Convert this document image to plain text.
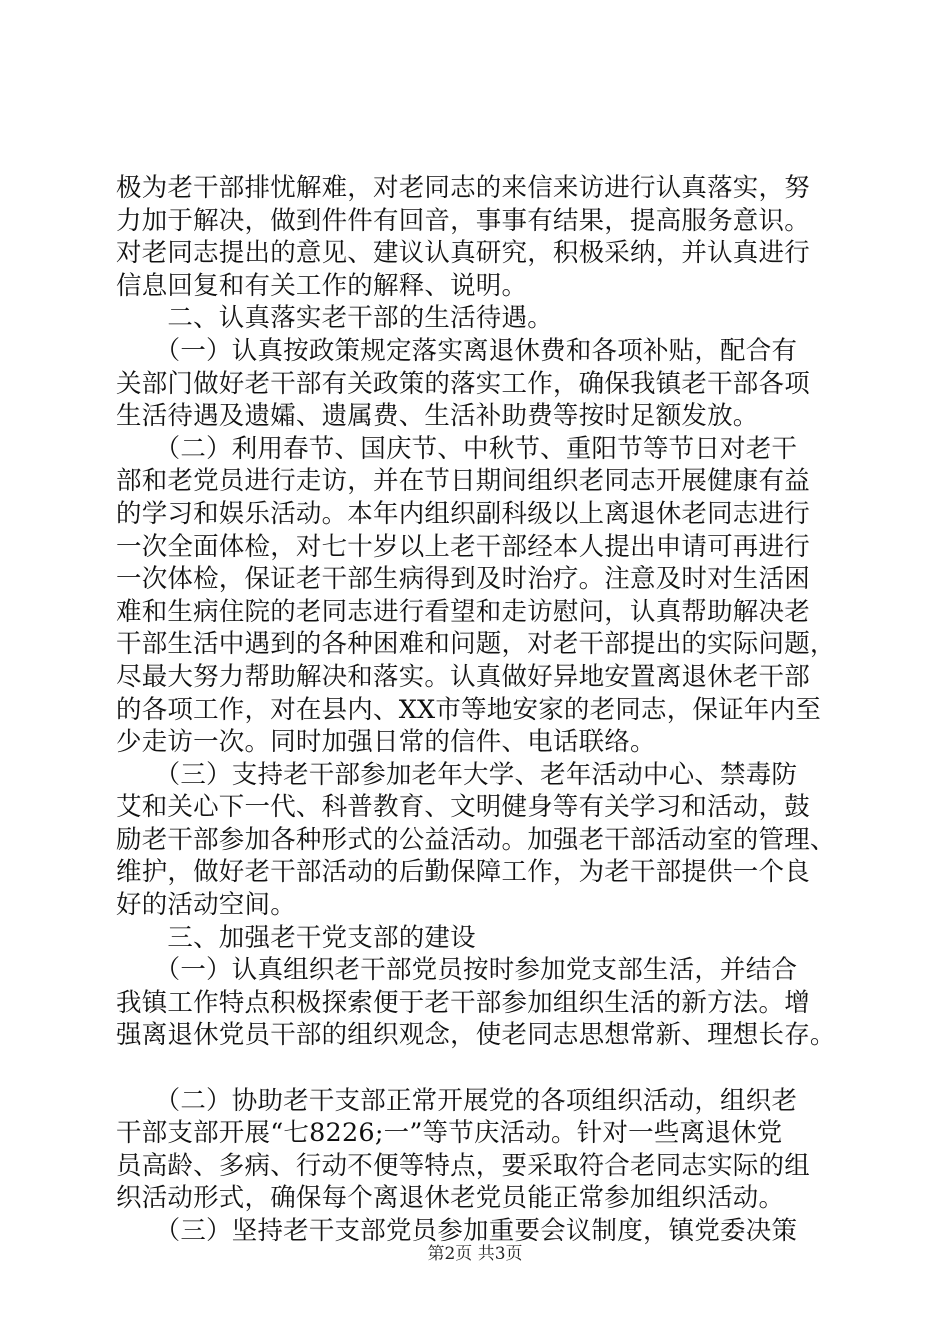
极为老干部排忧解难，对老同志的来信来访进行认真落实，努
力加于解决，做到件件有回音，事事有结果，提高服务意识。
对老同志提出的意见、建议认真研究，积极采纳，并认真进行
信息回复和有关工作的解释、说明。
　　二、认真落实老干部的生活待遇。
　　（一）认真按政策规定落实离退休费和各项补贴，配合有
关部门做好老干部有关政策的落实工作，确保我镇老干部各项
生活待遇及遗孀、遗属费、生活补助费等按时足额发放。
　　（二）利用春节、国庆节、中秋节、重阳节等节日对老干
部和老党员进行走访，并在节日期间组织老同志开展健康有益
的学习和娱乐活动。本年内组织副科级以上离退休老同志进行
一次全面体检，对七十岁以上老干部经本人提出申请可再进行
一次体检，保证老干部生病得到及时治疗。注意及时对生活困
难和生病住院的老同志进行看望和走访慰问，认真帮助解决老
干部生活中遇到的各种困难和问题，对老干部提出的实际问题，
尽最大努力帮助解决和落实。认真做好异地安置离退休老干部
的各项工作，对在县内、XX市等地安家的老同志，保证年内至
少走访一次。同时加强日常的信件、电话联络。
　　（三）支持老干部参加老年大学、老年活动中心、禁毒防
艾和关心下一代、科普教育、文明健身等有关学习和活动，鼓
励老干部参加各种形式的公益活动。加强老干部活动室的管理、
维护，做好老干部活动的后勤保障工作，为老干部提供一个良
好的活动空间。
　　三、加强老干党支部的建设
　　（一）认真组织老干部党员按时参加党支部生活，并结合
我镇工作特点积极探索便于老干部参加组织生活的新方法。增
强离退休党员干部的组织观念，使老同志思想常新、理想长存。
　　（二）协助老干支部正常开展党的各项组织活动，组织老
干部支部开展“七8226;一”等节庆活动。针对一些离退休党
员高龄、多病、行动不便等特点，要采取符合老同志实际的组
织活动形式，确保每个离退休老党员能正常参加组织活动。
　　（三）坚持老干支部党员参加重要会议制度，镇党委决策
第2页 共3页
